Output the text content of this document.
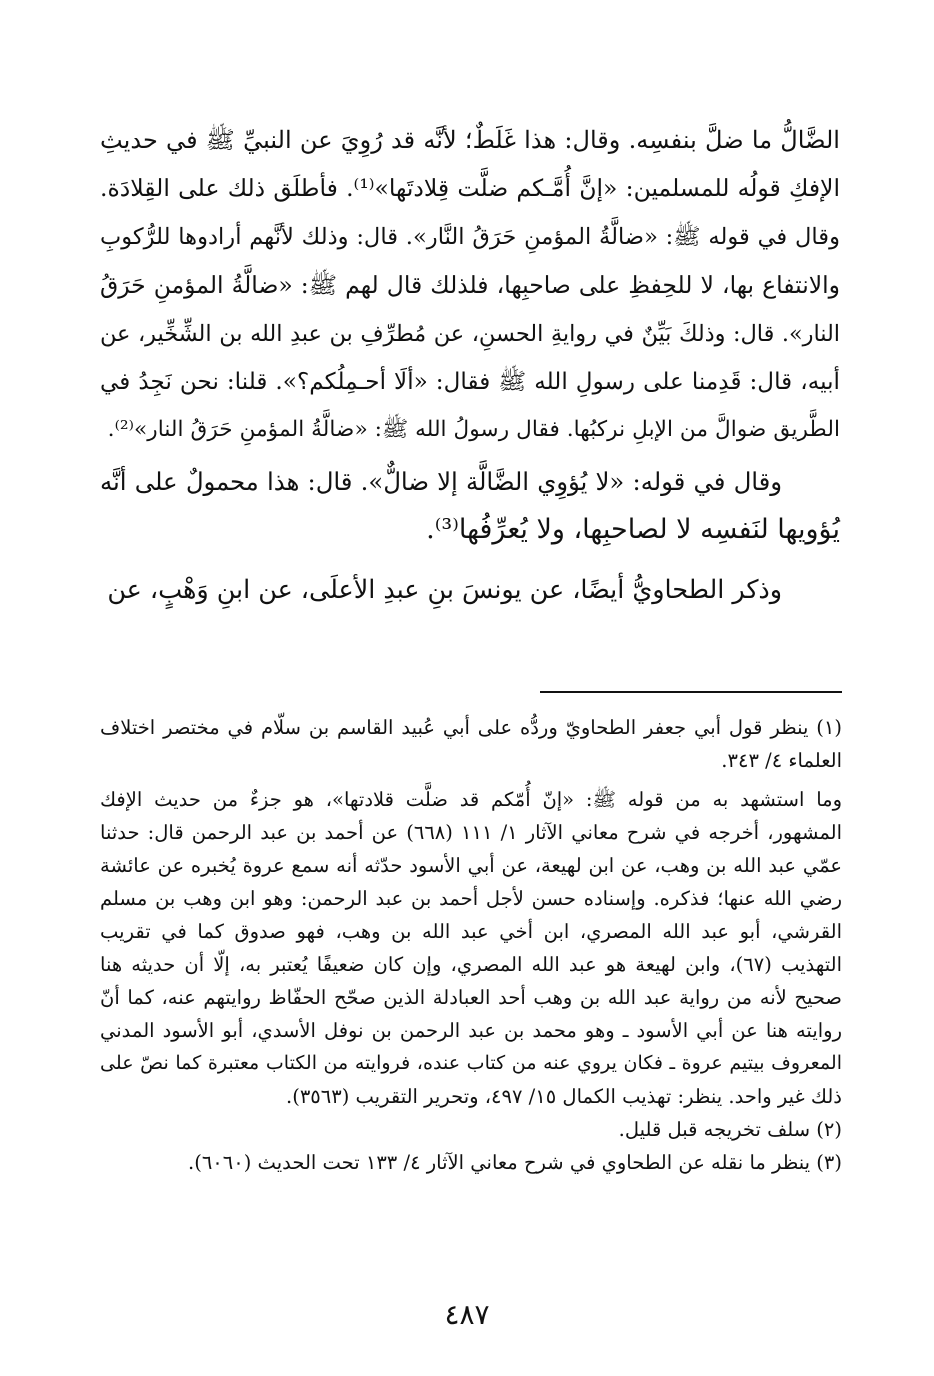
الضَّالُّ ما ضلَّ بنفسِه. وقال: هذا غَلَطٌ؛ لأنَّه قد رُوِيَ عن النبيِّ ﷺ في حديثِ
الإفكِ قولُه للمسلمين: «إنَّ أُمَّـكم ضلَّت قِلادتَها»⁽¹⁾. فأطلَق ذلك على القِلادَة.
وقال في قوله ﷺ: «ضالَّةُ المؤمنِ حَرَقُ النَّار». قال: وذلك لأنَّهم أرادوها للرُّكوبِ
والانتفاع بها، لا للحِفظِ على صاحبِها، فلذلك قال لهم ﷺ: «ضالَّةُ المؤمنِ حَرَقُ
النار». قال: وذلكَ بَيِّنٌ في روايةِ الحسنِ، عن مُطرِّفِ بن عبدِ الله بن الشِّخِّير، عن
أبيه، قال: قَدِمنا على رسولِ الله ﷺ فقال: «ألَا أحـمِلُكم؟». قلنا: نحن نَجِدُ في
الطَّريق ضوالَّ من الإبلِ نركبُها. فقال رسولُ الله ﷺ: «ضالَّةُ المؤمنِ حَرَقُ النار»⁽²⁾.
وقال في قوله: «لا يُؤوِي الضَّالَّة إلا ضالٌّ». قال: هذا محمولٌ على أنَّه
يُؤويها لنَفسِه لا لصاحبِها، ولا يُعرِّفُها⁽³⁾.
وذكر الطحاويُّ أيضًا، عن يونسَ بنِ عبدِ الأعلَى، عن ابنِ وَهْبٍ، عن
(١) ينظر قول أبي جعفر الطحاويّ وردُّه على أبي عُبيد القاسم بن سلّام في مختصر اختلاف
العلماء ٤/ ٣٤٣.
وما استشهد به من قوله ﷺ: «إنّ أُمّكم قد ضلَّت قلادتها»، هو جزءٌ من حديث الإفك
المشهور، أخرجه في شرح معاني الآثار ١/ ١١١ (٦٦٨) عن أحمد بن عبد الرحمن قال: حدثنا
عمّي عبد الله بن وهب، عن ابن لهيعة، عن أبي الأسود حدّثه أنه سمع عروة يُخبره عن عائشة
رضي الله عنها؛ فذكره. وإسناده حسن لأجل أحمد بن عبد الرحمن: وهو ابن وهب بن مسلم
القرشي، أبو عبد الله المصري، ابن أخي عبد الله بن وهب، فهو صدوق كما في تقريب
التهذيب (٦٧)، وابن لهيعة هو عبد الله المصري، وإن كان ضعيفًا يُعتبر به، إلّا أن حديثه هنا
صحيح لأنه من رواية عبد الله بن وهب أحد العبادلة الذين صحّح الحفّاظ روايتهم عنه، كما أنّ
روايته هنا عن أبي الأسود ـ وهو محمد بن عبد الرحمن بن نوفل الأسدي، أبو الأسود المدني
المعروف بيتيم عروة ـ فكان يروي عنه من كتاب عنده، فروايته من الكتاب معتبرة كما نصّ على
ذلك غير واحد. ينظر: تهذيب الكمال ١٥/ ٤٩٧، وتحرير التقريب (٣٥٦٣).
(٢) سلف تخريجه قبل قليل.
(٣) ينظر ما نقله عن الطحاوي في شرح معاني الآثار ٤/ ١٣٣ تحت الحديث (٦٠٦٠).
٤٨٧
